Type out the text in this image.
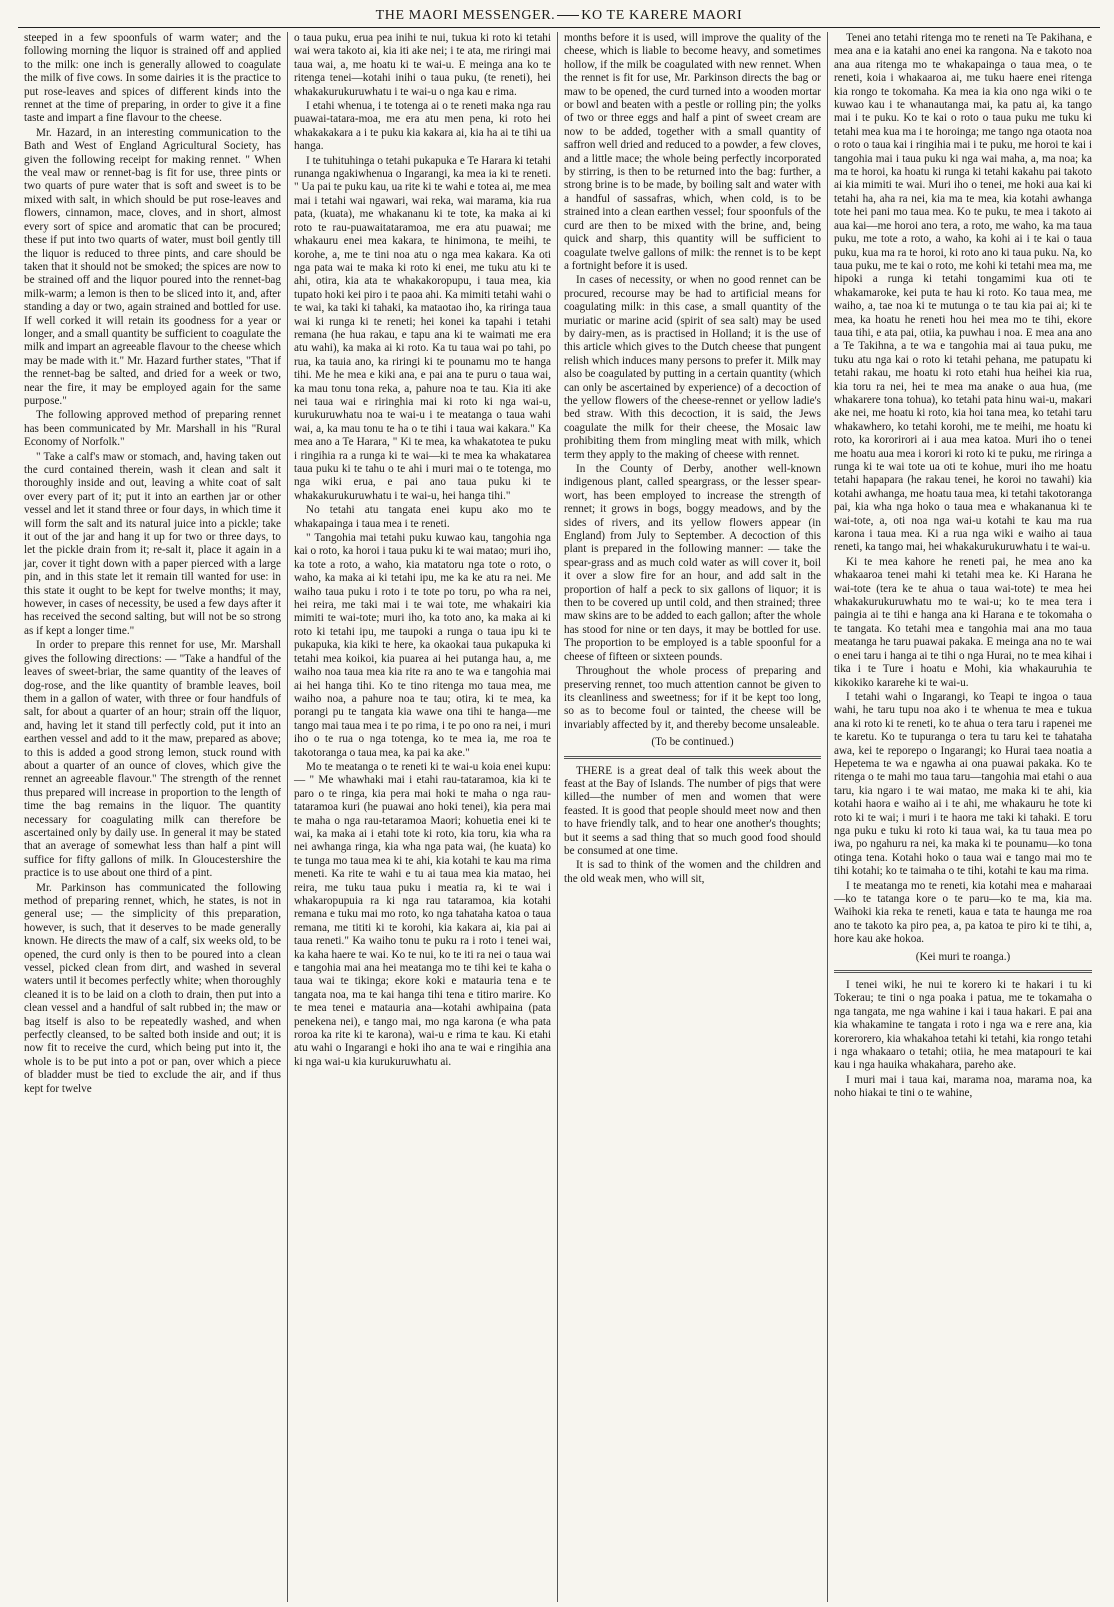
THE MAORI MESSENGER. KO TE KARERE MAORI

steeped in a few spoonfuls of warm water; and the following morning the liquor is strained off and applied to the milk: one inch is generally allowed to coagulate the milk of five cows. In some dairies it is the practice to put rose-leaves and spices of different kinds into the rennet at the time of preparing, in order to give it a fine taste and impart a fine flavour to the cheese.

Mr. Hazard, in an interesting communication to the Bath and West of England Agricultural Society, has given the following receipt for making rennet. " When the veal maw or rennet-bag is fit for use, three pints or two quarts of pure water that is soft and sweet is to be mixed with salt, in which should be put rose-leaves and flowers, cinnamon, mace, cloves, and in short, almost every sort of spice and aromatic that can be procured; these if put into two quarts of water, must boil gently till the liquor is reduced to three pints, and care should be taken that it should not be smoked; the spices are now to be strained off and the liquor poured into the rennet-bag milk-warm; a lemon is then to be sliced into it, and, after standing a day or two, again strained and bottled for use. If well corked it will retain its goodness for a year or longer, and a small quantity be sufficient to coagulate the milk and impart an agreeable flavour to the cheese which may be made with it." Mr. Hazard further states, "That if the rennet-bag be salted, and dried for a week or two, near the fire, it may be employed again for the same purpose."

The following approved method of preparing rennet has been communicated by Mr. Marshall in his "Rural Economy of Norfolk."

" Take a calf's maw or stomach, and, having taken out the curd contained therein, wash it clean and salt it thoroughly inside and out, leaving a white coat of salt over every part of it; put it into an earthen jar or other vessel and let it stand three or four days, in which time it will form the salt and its natural juice into a pickle; take it out of the jar and hang it up for two or three days, to let the pickle drain from it; re-salt it, place it again in a jar, cover it tight down with a paper pierced with a large pin, and in this state let it remain till wanted for use: in this state it ought to be kept for twelve months; it may, however, in cases of necessity, be used a few days after it has received the second salting, but will not be so strong as if kept a longer time."

In order to prepare this rennet for use, Mr. Marshall gives the following directions: — "Take a handful of the leaves of sweet-briar, the same quantity of the leaves of dog-rose, and the like quantity of bramble leaves, boil them in a gallon of water, with three or four handfuls of salt, for about a quarter of an hour; strain off the liquor, and, having let it stand till perfectly cold, put it into an earthen vessel and add to it the maw, prepared as above; to this is added a good strong lemon, stuck round with about a quarter of an ounce of cloves, which give the rennet an agreeable flavour." The strength of the rennet thus prepared will increase in proportion to the length of time the bag remains in the liquor. The quantity necessary for coagulating milk can therefore be ascertained only by daily use. In general it may be stated that an average of somewhat less than half a pint will suffice for fifty gallons of milk. In Gloucestershire the practice is to use about one third of a pint.

Mr. Parkinson has communicated the following method of preparing rennet, which, he states, is not in general use; — the simplicity of this preparation, however, is such, that it deserves to be made generally known. He directs the maw of a calf, six weeks old, to be opened, the curd only is then to be poured into a clean vessel, picked clean from dirt, and washed in several waters until it becomes perfectly white; when thoroughly cleaned it is to be laid on a cloth to drain, then put into a clean vessel and a handful of salt rubbed in; the maw or bag itself is also to be repeatedly washed, and when perfectly cleansed, to be salted both inside and out; it is now fit to receive the curd, which being put into it, the whole is to be put into a pot or pan, over which a piece of bladder must be tied to exclude the air, and if thus kept for twelve

o taua puku, erua pea inihi te nui, tukua ki roto ki tetahi wai wera takoto ai, kia iti ake nei; i te ata, me riringi mai taua wai, a, me hoatu ki te wai-u. E meinga ana ko te ritenga tenei—kotahi inihi o taua puku, (te reneti), hei whakakurukuruwhatu i te wai-u o nga kau e rima.

I etahi whenua, i te totenga ai o te reneti maka nga rau puawai-tatara-moa, me era atu men pena, ki roto hei whakakakara a i te puku kia kakara ai, kia ha ai te tihi ua hanga.

I te tuhituhinga o tetahi pukapuka e Te Harara ki tetahi runanga ngakiwhenua o Ingarangi, ka mea ia ki te reneti. " Ua pai te puku kau, ua rite ki te wahi e totea ai, me mea mai i tetahi wai ngawari, wai reka, wai marama, kia rua pata, (kuata), me whakananu ki te tote, ka maka ai ki roto te rau-puawaitataramoa, me era atu puawai; me whakauru enei mea kakara, te hinimona, te meihi, te korohe, a, me te tini noa atu o nga mea kakara. Ka oti nga pata wai te maka ki roto ki enei, me tuku atu ki te ahi, otira, kia ata te whakakoropupu, i taua mea, kia tupato hoki kei piro i te paoa ahi. Ka mimiti tetahi wahi o te wai, ka taki ki tahaki, ka mataotao iho, ka riringa taua wai ki runga ki te reneti; hei konei ka tapahi i tetahi remana (he hua rakau, e tapu ana ki te waimati me era atu wahi), ka maka ai ki roto. Ka tu taua wai po tahi, po rua, ka tauia ano, ka riringi ki te pounamu mo te hanga tihi. Me he mea e kiki ana, e pai ana te puru o taua wai, ka mau tonu tona reka, a, pahure noa te tau. Kia iti ake nei taua wai e riringhia mai ki roto ki nga wai-u, kurukuruwhatu noa te wai-u i te meatanga o taua wahi wai, a, ka mau tonu te ha o te tihi i taua wai kakara." Ka mea ano a Te Harara, " Ki te mea, ka whakatotea te puku i ringihia ra a runga ki te wai—ki te mea ka whakatarea taua puku ki te tahu o te ahi i muri mai o te totenga, mo nga wiki erua, e pai ano taua puku ki te whakakurukuruwhatu i te wai-u, hei hanga tihi."

No tetahi atu tangata enei kupu ako mo te whakapainga i taua mea i te reneti.

" Tangohia mai tetahi puku kuwao kau, tangohia nga kai o roto, ka horoi i taua puku ki te wai matao; muri iho, ka tote a roto, a waho, kia matatoru nga tote o roto, o waho, ka maka ai ki tetahi ipu, me ka ke atu ra nei. Me waiho taua puku i roto i te tote po toru, po wha ra nei, hei reira, me taki mai i te wai tote, me whakairi kia mimiti te wai-tote; muri iho, ka toto ano, ka maka ai ki roto ki tetahi ipu, me taupoki a runga o taua ipu ki te pukapuka, kia kiki te here, ka okaokai taua pukapuka ki tetahi mea koikoi, kia puarea ai hei putanga hau, a, me waiho noa taua mea kia rite ra ano te wa e tangohia mai ai hei hanga tihi. Ko te tino ritenga mo taua mea, me waiho noa, a pahure noa te tau; otira, ki te mea, ka porangi pu te tangata kia wawe ona tihi te hanga—me tango mai taua mea i te po rima, i te po ono ra nei, i muri iho o te rua o nga totenga, ko te mea ia, me roa te takotoranga o taua mea, ka pai ka ake."

Mo te meatanga o te reneti ki te wai-u koia enei kupu: — " Me whawhaki mai i etahi rau-tataramoa, kia ki te paro o te ringa, kia pera mai hoki te maha o nga rau-tataramoa kuri (he puawai ano hoki tenei), kia pera mai te maha o nga rau-tetaramoa Maori; kohuetia enei ki te wai, ka maka ai i etahi tote ki roto, kia toru, kia wha ra nei awhanga ringa, kia wha nga pata wai, (he kuata) ko te tunga mo taua mea ki te ahi, kia kotahi te kau ma rima meneti. Ka rite te wahi e tu ai taua mea kia matao, hei reira, me tuku taua puku i meatia ra, ki te wai i whakaropupuia ra ki nga rau tataramoa, kia kotahi remana e tuku mai mo roto, ko nga tahataha katoa o taua remana, me tititi ki te korohi, kia kakara ai, kia pai ai taua reneti." Ka waiho tonu te puku ra i roto i tenei wai, ka kaha haere te wai. Ko te nui, ko te iti ra nei o taua wai e tangohia mai ana hei meatanga mo te tihi kei te kaha o taua wai te tikinga; ekore koki e matauria tena e te tangata noa, ma te kai hanga tihi tena e titiro marire. Ko te mea tenei e matauria ana—kotahi awhipaina (pata penekena nei), e tango mai, mo nga karona (e wha pata roroa ka rite ki te karona), wai-u e rima te kau. Ki etahi atu wahi o Ingarangi e hoki iho ana te wai e ringihia ana ki nga wai-u kia kurukuruwhatu ai.

months before it is used, will improve the quality of the cheese, which is liable to become heavy, and sometimes hollow, if the milk be coagulated with new rennet. When the rennet is fit for use, Mr. Parkinson directs the bag or maw to be opened, the curd turned into a wooden mortar or bowl and beaten with a pestle or rolling pin; the yolks of two or three eggs and half a pint of sweet cream are now to be added, together with a small quantity of saffron well dried and reduced to a powder, a few cloves, and a little mace; the whole being perfectly incorporated by stirring, is then to be returned into the bag: further, a strong brine is to be made, by boiling salt and water with a handful of sassafras, which, when cold, is to be strained into a clean earthen vessel; four spoonfuls of the curd are then to be mixed with the brine, and, being quick and sharp, this quantity will be sufficient to coagulate twelve gallons of milk: the rennet is to be kept a fortnight before it is used.

In cases of necessity, or when no good rennet can be procured, recourse may be had to artificial means for coagulating milk: in this case, a small quantity of the muriatic or marine acid (spirit of sea salt) may be used by dairy-men, as is practised in Holland; it is the use of this article which gives to the Dutch cheese that pungent relish which induces many persons to prefer it. Milk may also be coagulated by putting in a certain quantity (which can only be ascertained by experience) of a decoction of the yellow flowers of the cheese-rennet or yellow ladie's bed straw. With this decoction, it is said, the Jews coagulate the milk for their cheese, the Mosaic law prohibiting them from mingling meat with milk, which term they apply to the making of cheese with rennet.

In the County of Derby, another well-known indigenous plant, called speargrass, or the lesser spear-wort, has been employed to increase the strength of rennet; it grows in bogs, boggy meadows, and by the sides of rivers, and its yellow flowers appear (in England) from July to September. A decoction of this plant is prepared in the following manner: — take the spear-grass and as much cold water as will cover it, boil it over a slow fire for an hour, and add salt in the proportion of half a peck to six gallons of liquor; it is then to be covered up until cold, and then strained; three maw skins are to be added to each gallon; after the whole has stood for nine or ten days, it may be bottled for use. The proportion to be employed is a table spoonful for a cheese of fifteen or sixteen pounds.

Throughout the whole process of preparing and preserving rennet, too much attention cannot be given to its cleanliness and sweetness; for if it be kept too long, so as to become foul or tainted, the cheese will be invariably affected by it, and thereby become unsaleable.

(To be continued.)

THERE is a great deal of talk this week about the feast at the Bay of Islands. The number of pigs that were killed—the number of men and women that were feasted. It is good that people should meet now and then to have friendly talk, and to hear one another's thoughts; but it seems a sad thing that so much good food should be consumed at one time.

It is sad to think of the women and the children and the old weak men, who will sit,

Tenei ano tetahi ritenga mo te reneti na Te Pakihana, e mea ana e ia katahi ano enei ka rangona. Na e takoto noa ana aua ritenga mo te whakapainga o taua mea, o te reneti, koia i whakaaroa ai, me tuku haere enei ritenga kia rongo te tokomaha. Ka mea ia kia ono nga wiki o te kuwao kau i te whanautanga mai, ka patu ai, ka tango mai i te puku. Ko te kai o roto o taua puku me tuku ki tetahi mea kua ma i te horoinga; me tango nga otaota noa o roto o taua kai i ringihia mai i te puku, me horoi te kai i tangohia mai i taua puku ki nga wai maha, a, ma noa; ka ma te horoi, ka hoatu ki runga ki tetahi kakahu pai takoto ai kia mimiti te wai. Muri iho o tenei, me hoki aua kai ki tetahi ha, aha ra nei, kia ma te mea, kia kotahi awhanga tote hei pani mo taua mea. Ko te puku, te mea i takoto ai aua kai—me horoi ano tera, a roto, me waho, ka ma taua puku, me tote a roto, a waho, ka kohi ai i te kai o taua puku, kua ma ra te horoi, ki roto ano ki taua puku. Na, ko taua puku, me te kai o roto, me kohi ki tetahi mea ma, me hipoki a runga ki tetahi tongamimi kua oti te whakamaroke, kei puta te hau ki roto. Ko taua mea, me waiho, a, tae noa ki te mutunga o te tau kia pai ai; ki te mea, ka hoatu he reneti hou hei mea mo te tihi, ekore taua tihi, e ata pai, otiia, ka puwhau i noa. E mea ana ano a Te Takihna, a te wa e tangohia mai ai taua puku, me tuku atu nga kai o roto ki tetahi pehana, me patupatu ki tetahi rakau, me hoatu ki roto etahi hua heihei kia rua, kia toru ra nei, hei te mea ma anake o aua hua, (me whakarere tona tohua), ko tetahi pata hinu wai-u, makari ake nei, me hoatu ki roto, kia hoi tana mea, ko tetahi taru whakawhero, ko tetahi korohi, me te meihi, me hoatu ki roto, ka kororirori ai i aua mea katoa. Muri iho o tenei me hoatu aua mea i korori ki roto ki te puku, me riringa a runga ki te wai tote ua oti te kohue, muri iho me hoatu tetahi hapapara (he rakau tenei, he koroi no tawahi) kia kotahi awhanga, me hoatu taua mea, ki tetahi takotoranga pai, kia wha nga hoko o taua mea e whakananua ki te wai-tote, a, oti noa nga wai-u kotahi te kau ma rua karona i taua mea. Ki a rua nga wiki e waiho ai taua reneti, ka tango mai, hei whakakurukuruwhatu i te wai-u.

Ki te mea kahore he reneti pai, he mea ano ka whakaaroa tenei mahi ki tetahi mea ke. Ki Harana he wai-tote (tera ke te ahua o taua wai-tote) te mea hei whakakurukuruwhatu mo te wai-u; ko te mea tera i paingia ai te tihi e hanga ana ki Harana e te tokomaha o te tangata. Ko tetahi mea e tangohia mai ana mo taua meatanga he taru puawai pakaka. E meinga ana no te wai o enei taru i hanga ai te tihi o nga Hurai, no te mea kihai i tika i te Ture i hoatu e Mohi, kia whakauruhia te kikokiko kararehe ki te wai-u.

I tetahi wahi o Ingarangi, ko Teapi te ingoa o taua wahi, he taru tupu noa ako i te whenua te mea e tukua ana ki roto ki te reneti, ko te ahua o tera taru i rapenei me te karetu. Ko te tupuranga o tera tu taru kei te tahataha awa, kei te reporepo o Ingarangi; ko Hurai taea noatia a Hepetema te wa e ngawha ai ona puawai pakaka. Ko te ritenga o te mahi mo taua taru—tangohia mai etahi o aua taru, kia ngaro i te wai matao, me maka ki te ahi, kia kotahi haora e waiho ai i te ahi, me whakauru he tote ki roto ki te wai; i muri i te haora me taki ki tahaki. E toru nga puku e tuku ki roto ki taua wai, ka tu taua mea po iwa, po ngahuru ra nei, ka maka ki te pounamu—ko tona otinga tena. Kotahi hoko o taua wai e tango mai mo te tihi kotahi; ko te taimaha o te tihi, kotahi te kau ma rima.

I te meatanga mo te reneti, kia kotahi mea e maharaai—ko te tatanga kore o te paru—ko te ma, kia ma. Waihoki kia reka te reneti, kaua e tata te haunga me roa ano te takoto ka piro pea, a, pa katoa te piro ki te tihi, a, hore kau ake hokoa.

(Kei muri te roanga.)

I tenei wiki, he nui te korero ki te hakari i tu ki Tokerau; te tini o nga poaka i patua, me te tokamaha o nga tangata, me nga wahine i kai i taua hakari. E pai ana kia whakamine te tangata i roto i nga wa e rere ana, kia korerorero, kia whakahoa tetahi ki tetahi, kia rongo tetahi i nga whakaaro o tetahi; otiia, he mea matapouri te kai kau i nga hauika whakahara, pareho ake.

I muri mai i taua kai, marama noa, marama noa, ka noho hiakai te tini o te wahine,
